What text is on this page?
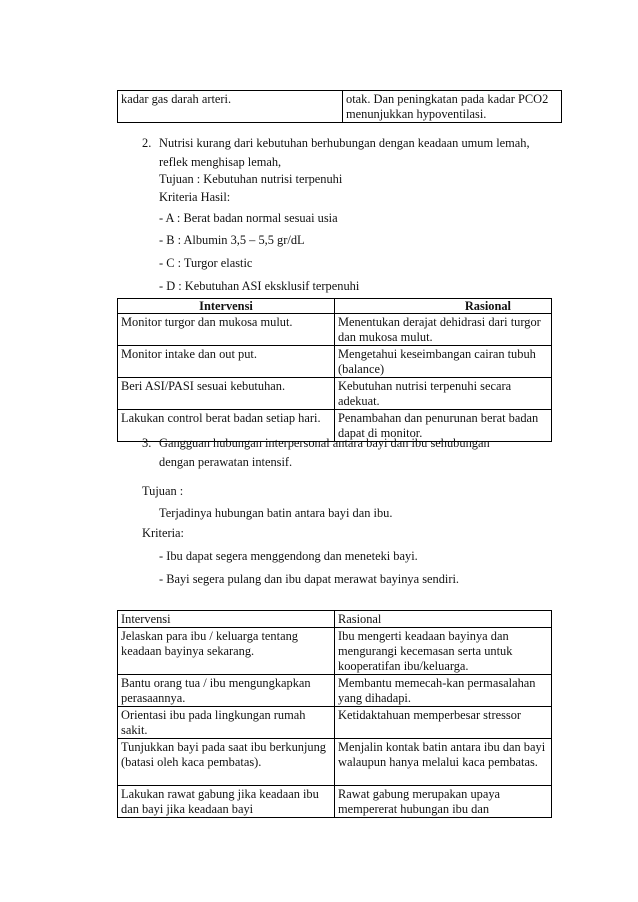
kadar gas darah arteri.	otak. Dan peningkatan pada kadar PCO2 menunjukkan hypoventilasi.
2. Nutrisi kurang dari kebutuhan berhubungan dengan keadaan umum lemah,
reflek menghisap lemah,
Tujuan : Kebutuhan nutrisi terpenuhi
Kriteria Hasil:
- A : Berat badan normal sesuai usia
- B : Albumin 3,5 – 5,5 gr/dL
- C : Turgor elastic
- D : Kebutuhan ASI eksklusif terpenuhi
Intervensi	Rasional
Monitor turgor dan mukosa mulut.	Menentukan derajat dehidrasi dari turgor dan mukosa mulut.
Monitor intake dan out put.	Mengetahui keseimbangan cairan tubuh (balance)
Beri ASI/PASI sesuai kebutuhan.	Kebutuhan nutrisi terpenuhi secara adekuat.
Lakukan control berat badan setiap hari.	Penambahan dan penurunan berat badan dapat di monitor.
3. Gangguan hubungan interpersonal antara bayi dan ibu sehubungan
dengan perawatan intensif.
Tujuan :
Terjadinya hubungan batin antara bayi dan ibu.
Kriteria:
- Ibu dapat segera menggendong dan meneteki bayi.
- Bayi segera pulang dan ibu dapat merawat bayinya sendiri.
Intervensi	Rasional
Jelaskan para ibu / keluarga tentang keadaan bayinya sekarang.	Ibu mengerti keadaan bayinya dan mengurangi kecemasan serta untuk kooperatifan ibu/keluarga.
Bantu orang tua / ibu mengungkapkan perasaannya.	Membantu memecah-kan permasalahan yang dihadapi.
Orientasi ibu pada lingkungan rumah sakit.	Ketidaktahuan memperbesar stressor
Tunjukkan bayi pada saat ibu berkunjung (batasi oleh kaca pembatas).	Menjalin kontak batin antara ibu dan bayi walaupun hanya melalui kaca pembatas.
Lakukan rawat gabung jika keadaan ibu dan bayi jika keadaan bayi	Rawat gabung merupakan upaya mempererat hubungan ibu dan
